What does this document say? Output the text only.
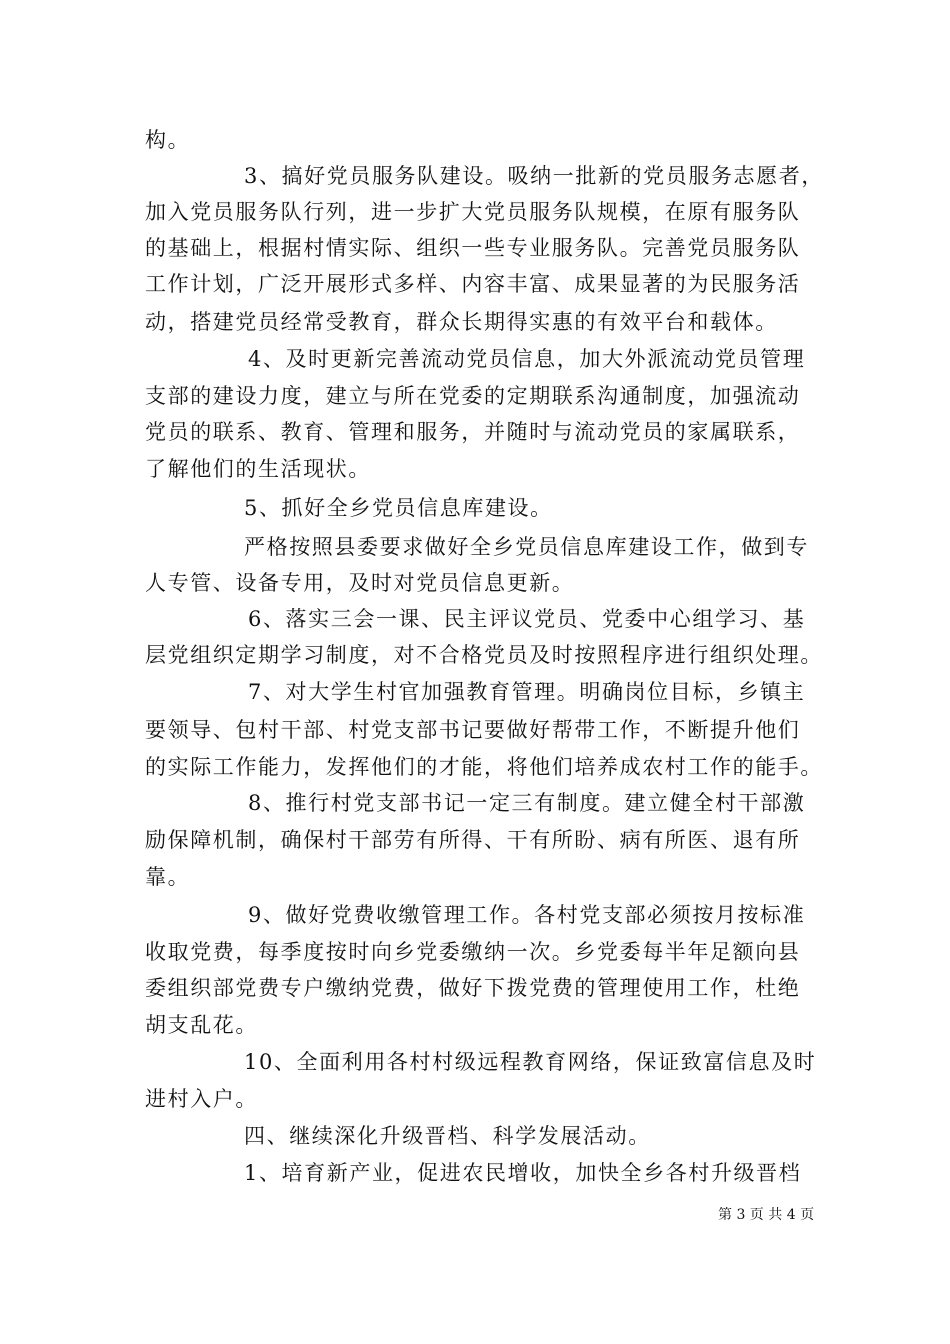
构。
3、搞好党员服务队建设。吸纳一批新的党员服务志愿者，
加入党员服务队行列，进一步扩大党员服务队规模，在原有服务队
的基础上，根据村情实际、组织一些专业服务队。完善党员服务队
工作计划，广泛开展形式多样、内容丰富、成果显著的为民服务活
动，搭建党员经常受教育，群众长期得实惠的有效平台和载体。
4、及时更新完善流动党员信息，加大外派流动党员管理
支部的建设力度，建立与所在党委的定期联系沟通制度，加强流动
党员的联系、教育、管理和服务，并随时与流动党员的家属联系，
了解他们的生活现状。
5、抓好全乡党员信息库建设。
严格按照县委要求做好全乡党员信息库建设工作，做到专
人专管、设备专用，及时对党员信息更新。
6、落实三会一课、民主评议党员、党委中心组学习、基
层党组织定期学习制度，对不合格党员及时按照程序进行组织处理。
7、对大学生村官加强教育管理。明确岗位目标，乡镇主
要领导、包村干部、村党支部书记要做好帮带工作，不断提升他们
的实际工作能力，发挥他们的才能，将他们培养成农村工作的能手。
8、推行村党支部书记一定三有制度。建立健全村干部激
励保障机制，确保村干部劳有所得、干有所盼、病有所医、退有所
靠。
9、做好党费收缴管理工作。各村党支部必须按月按标准
收取党费，每季度按时向乡党委缴纳一次。乡党委每半年足额向县
委组织部党费专户缴纳党费，做好下拨党费的管理使用工作，杜绝
胡支乱花。
10、全面利用各村村级远程教育网络，保证致富信息及时
进村入户。
四、继续深化升级晋档、科学发展活动。
1、培育新产业，促进农民增收，加快全乡各村升级晋档
第 3 页 共 4 页
